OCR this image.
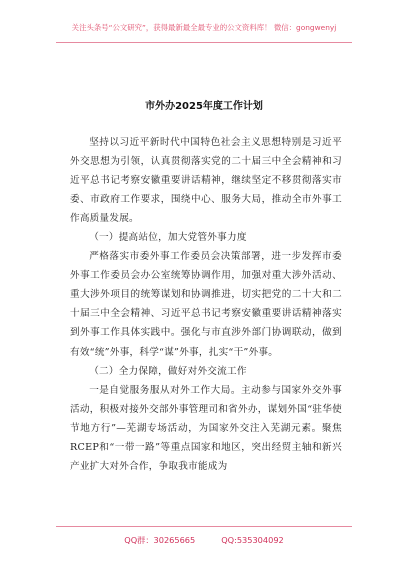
关注头条号“公文研究”，获得最新最全最专业的公文资料库！ 微信：gongwenyj
市外办2025年度工作计划

坚持以习近平新时代中国特色社会主义思想特别是习近平外交思想为引领，认真贯彻落实党的二十届三中全会精神和习近平总书记考察安徽重要讲话精神，继续坚定不移贯彻落实市委、市政府工作要求，围绕中心、服务大局，推动全市外事工作高质量发展。

（一）提高站位，加大党管外事力度

严格落实市委外事工作委员会决策部署，进一步发挥市委外事工作委员会办公室统筹协调作用，加强对重大涉外活动、重大涉外项目的统筹谋划和协调推进，切实把党的二十大和二十届三中全会精神、习近平总书记考察安徽重要讲话精神落实到外事工作具体实践中。强化与市直涉外部门协调联动，做到有效“统”外事，科学“谋”外事，扎实“干”外事。

（二）全力保障，做好对外交流工作

一是自觉服务服从对外工作大局。主动参与国家外交外事活动，积极对接外交部外事管理司和省外办，谋划外国“驻华使节地方行”—芜湖专场活动，为国家外交注入芜湖元素。聚焦RCEP和“一带一路”等重点国家和地区，突出经贸主轴和新兴产业扩大对外合作，争取我市能成为

QQ群：30265665	QQ:535304092
